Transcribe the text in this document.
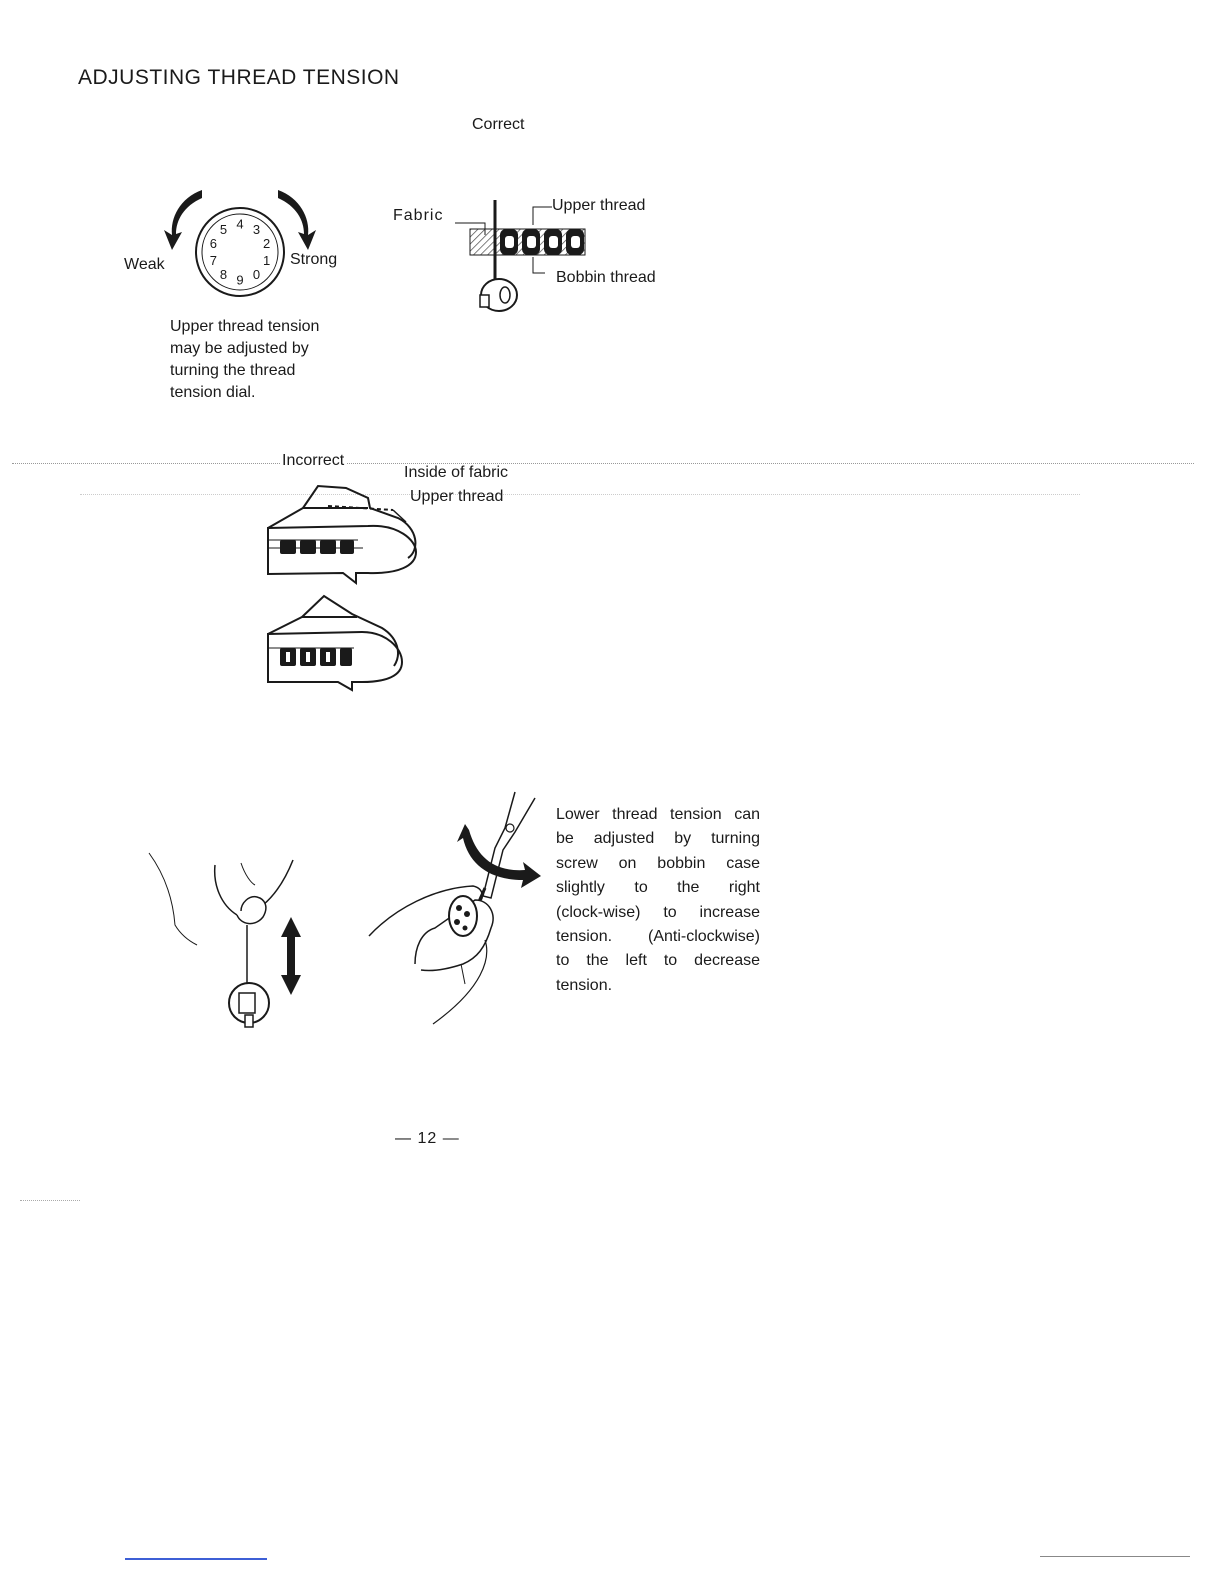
ADJUSTING THREAD TENSION
4 3
2
1
0
9
8
7
6
5
Weak	Strong
Upper thread tension
may be adjusted by
turning the thread
tension dial.
Correct
Fabric
Upper thread
Bobbin thread
Incorrect
Inside of fabric
Upper thread
Lower thread tension can
be adjusted by turning
screw on bobbin case
slightly to the right
(clock-wise) to increase
tension. (Anti-clockwise)
to the left to decrease
tension.
— 12 —
